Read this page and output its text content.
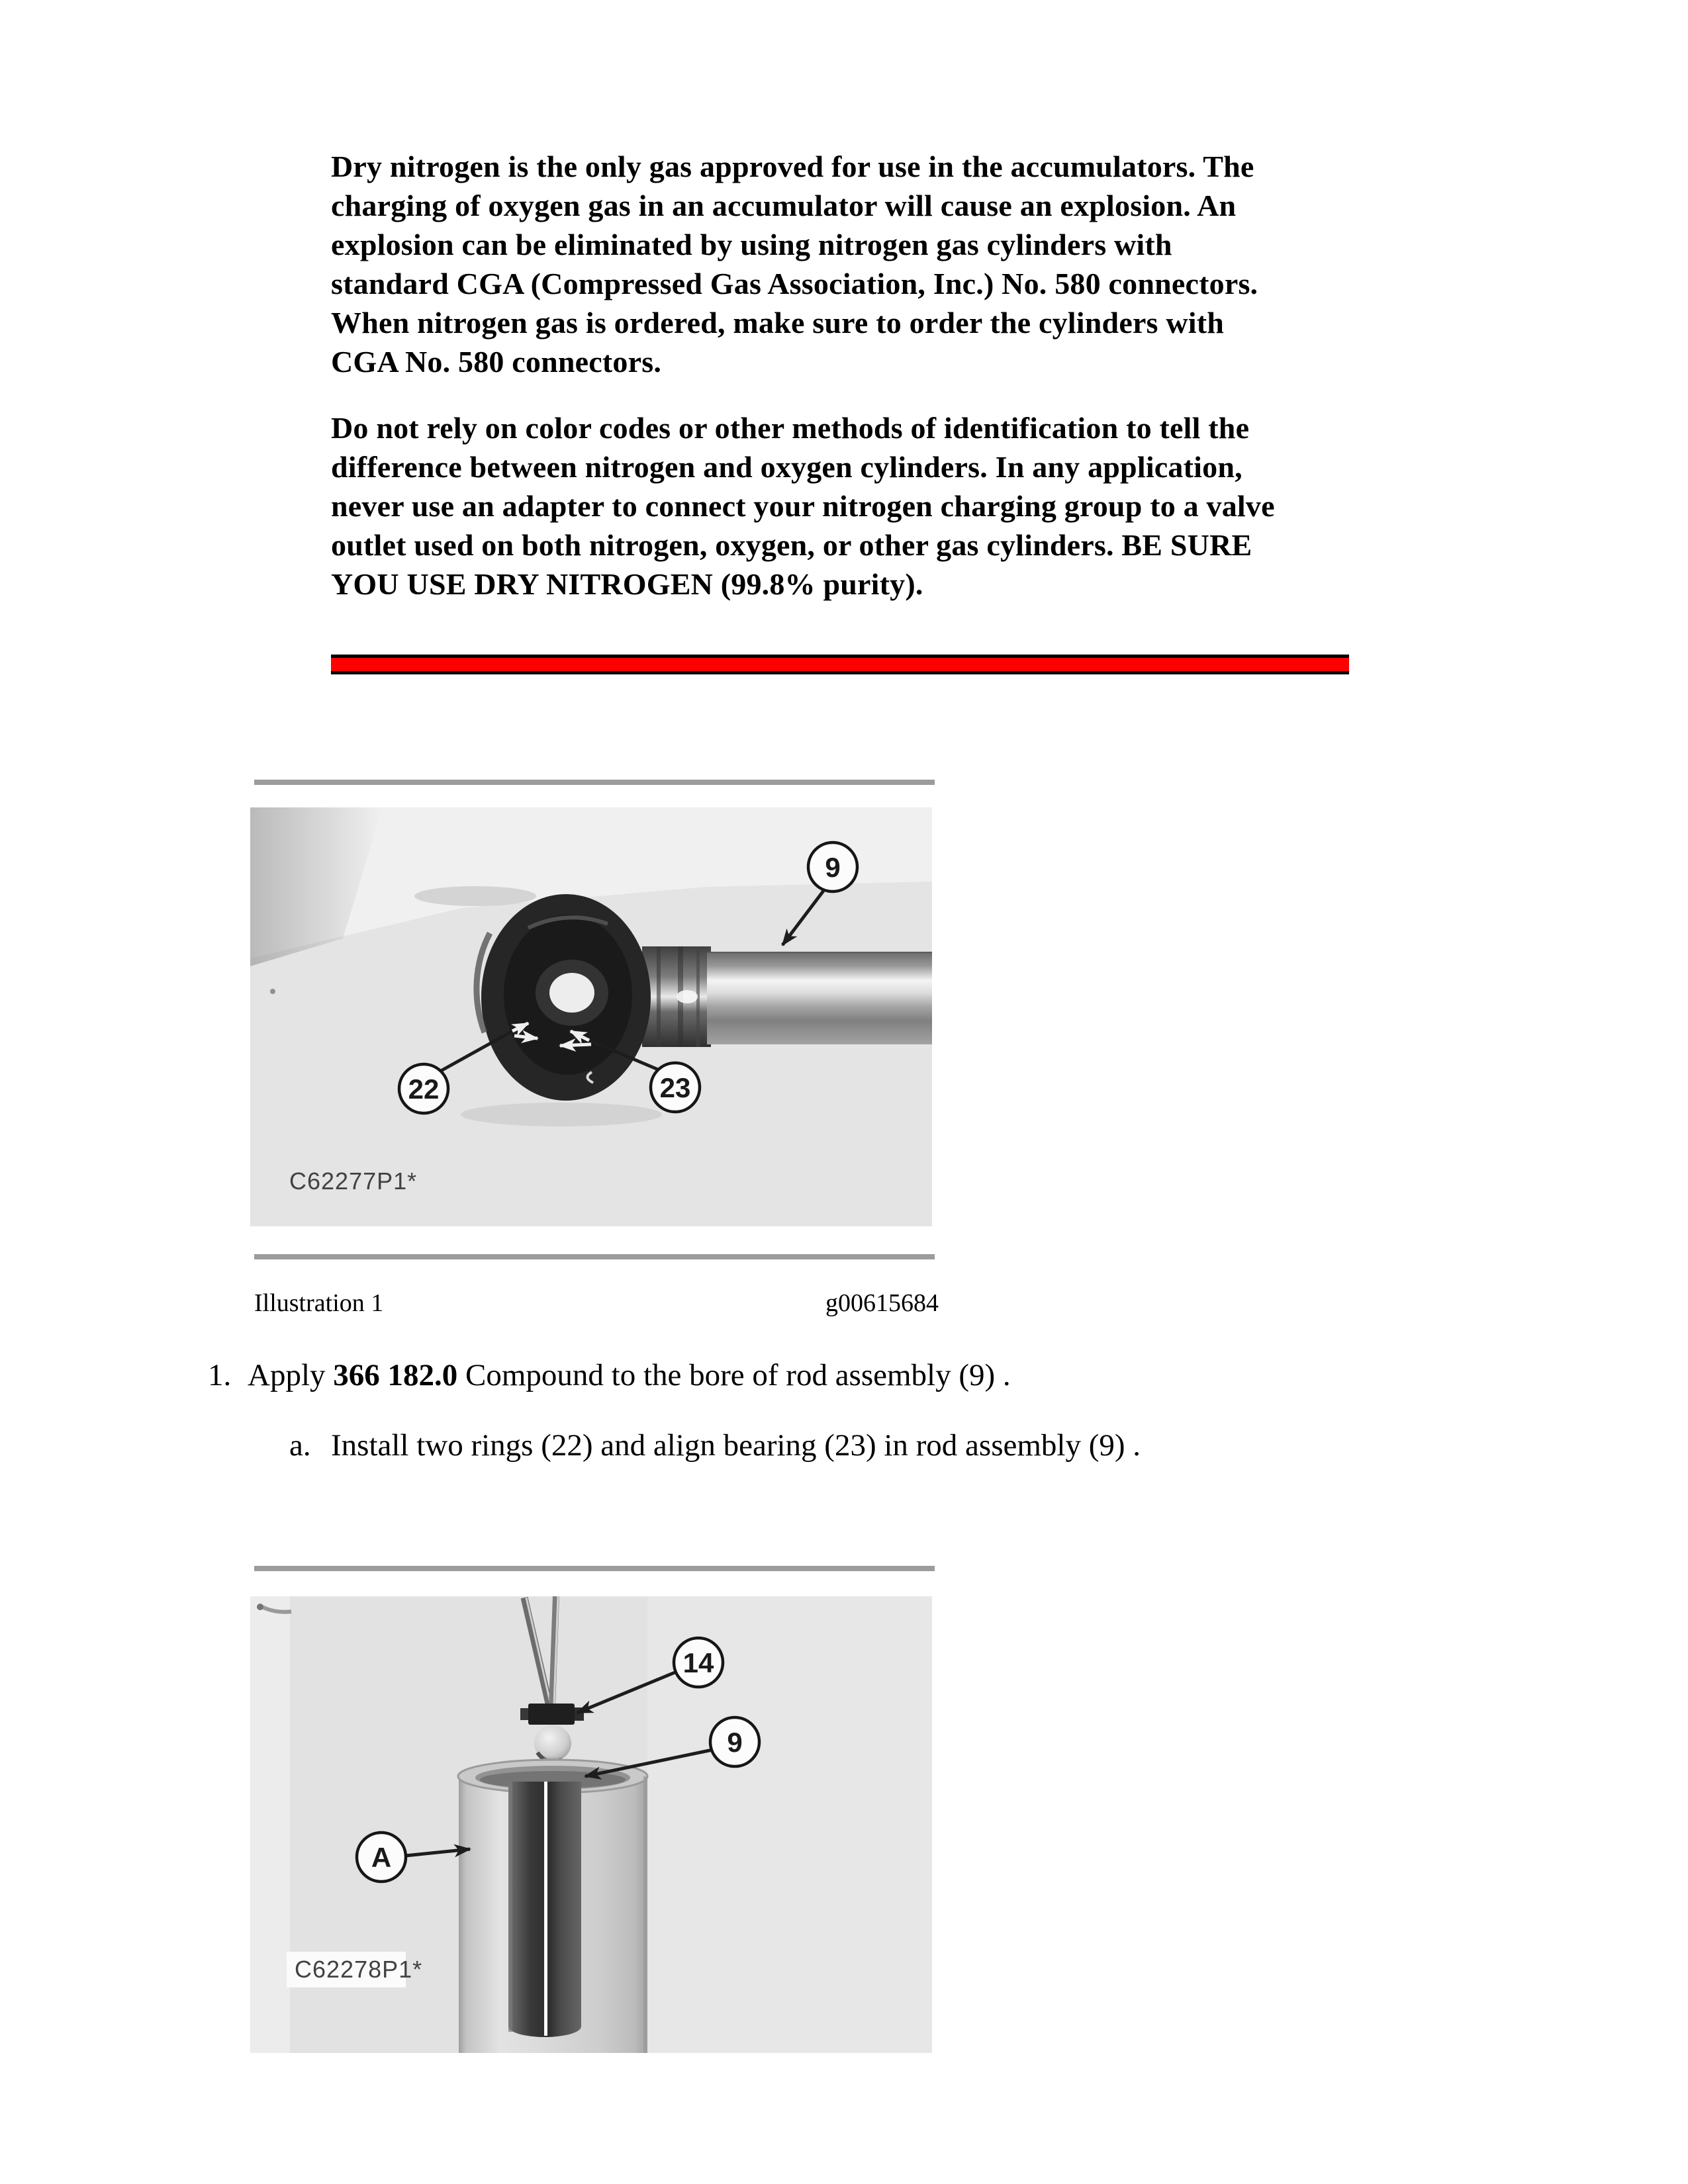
Dry nitrogen is the only gas approved for use in the accumulators. The
charging of oxygen gas in an accumulator will cause an explosion. An
explosion can be eliminated by using nitrogen gas cylinders with
standard CGA (Compressed Gas Association, Inc.) No. 580 connectors.
When nitrogen gas is ordered, make sure to order the cylinders with
CGA No. 580 connectors.
Do not rely on color codes or other methods of identification to tell the
difference between nitrogen and oxygen cylinders. In any application,
never use an adapter to connect your nitrogen charging group to a valve
outlet used on both nitrogen, oxygen, or other gas cylinders. BE SURE
YOU USE DRY NITROGEN (99.8% purity).
9
22	23
C62277P1*
Illustration 1	g00615684
1. Apply 366 182.0 Compound to the bore of rod assembly (9) .
a. Install two rings (22) and align bearing (23) in rod assembly (9) .
14
9
A
C62278P1*
